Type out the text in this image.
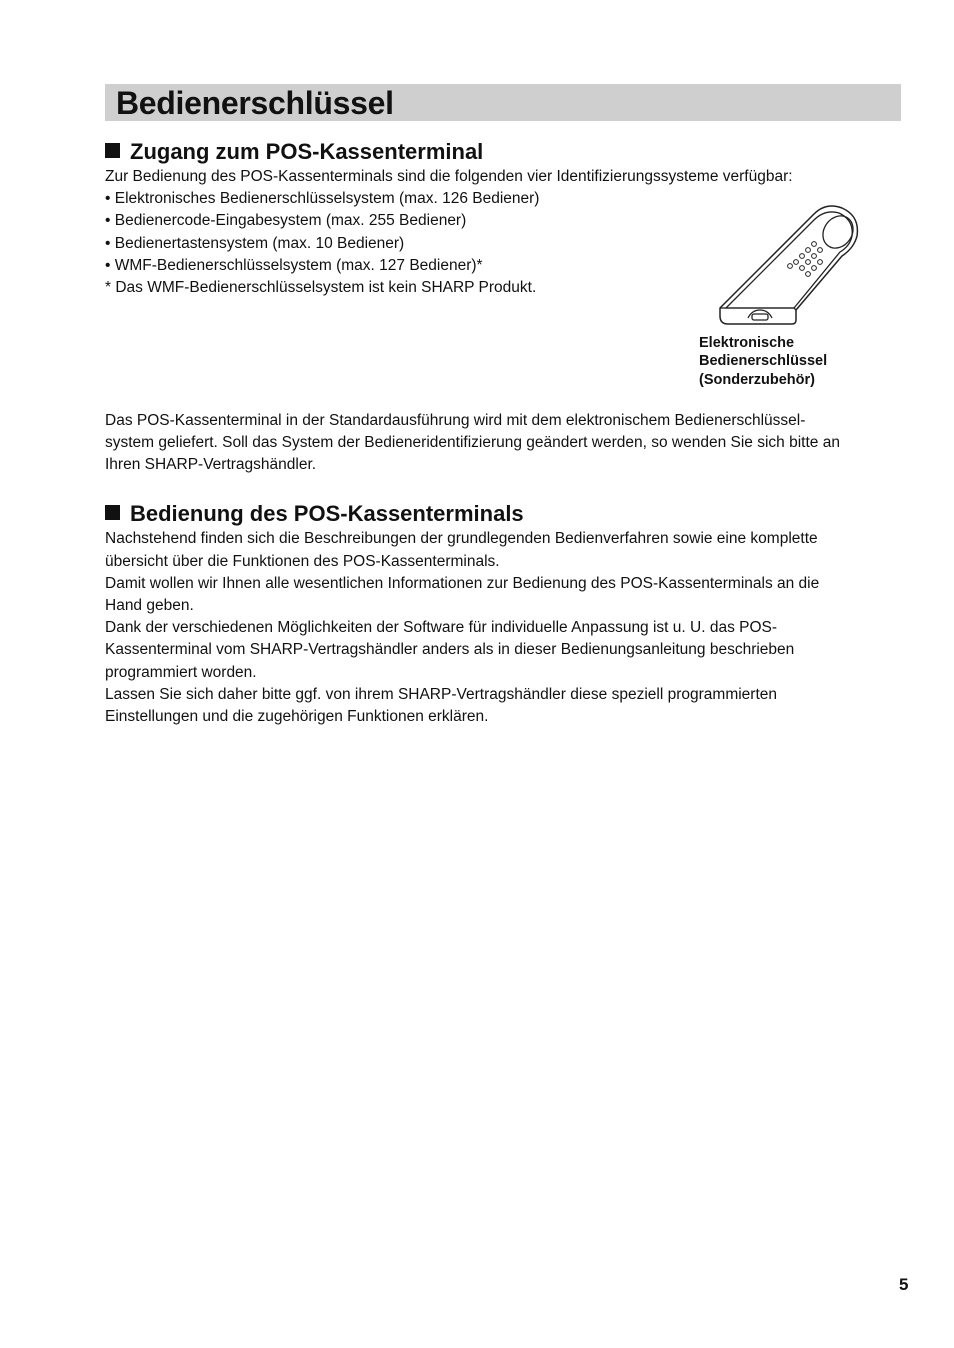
Bedienerschlüssel
Zugang zum POS-Kassenterminal
Zur Bedienung des POS-Kassenterminals sind die folgenden vier Identifizierungssysteme verfügbar:
• Elektronisches Bedienerschlüsselsystem (max. 126 Bediener)
• Bedienercode-Eingabesystem (max. 255 Bediener)
• Bedienertastensystem (max. 10 Bediener)
• WMF-Bedienerschlüsselsystem (max. 127 Bediener)*
* Das WMF-Bedienerschlüsselsystem ist kein SHARP Produkt.
Elektronische
Bedienerschlüssel
(Sonderzubehör)
Das POS-Kassenterminal in der Standardausführung wird mit dem elektronischem Bedienerschlüssel-
system geliefert. Soll das System der Bedieneridentifizierung geändert werden, so wenden Sie sich bitte an
Ihren SHARP-Vertragshändler.
Bedienung des POS-Kassenterminals
Nachstehend finden sich die Beschreibungen der grundlegenden Bedienverfahren sowie eine komplette
übersicht über die Funktionen des POS-Kassenterminals.
Damit wollen wir Ihnen alle wesentlichen Informationen zur Bedienung des POS-Kassenterminals an die
Hand geben.
Dank der verschiedenen Möglichkeiten der Software für individuelle Anpassung ist u. U. das POS-
Kassenterminal vom SHARP-Vertragshändler anders als in dieser Bedienungsanleitung beschrieben
programmiert worden.
Lassen Sie sich daher bitte ggf. von ihrem SHARP-Vertragshändler diese speziell programmierten
Einstellungen und die zugehörigen Funktionen erklären.
5
